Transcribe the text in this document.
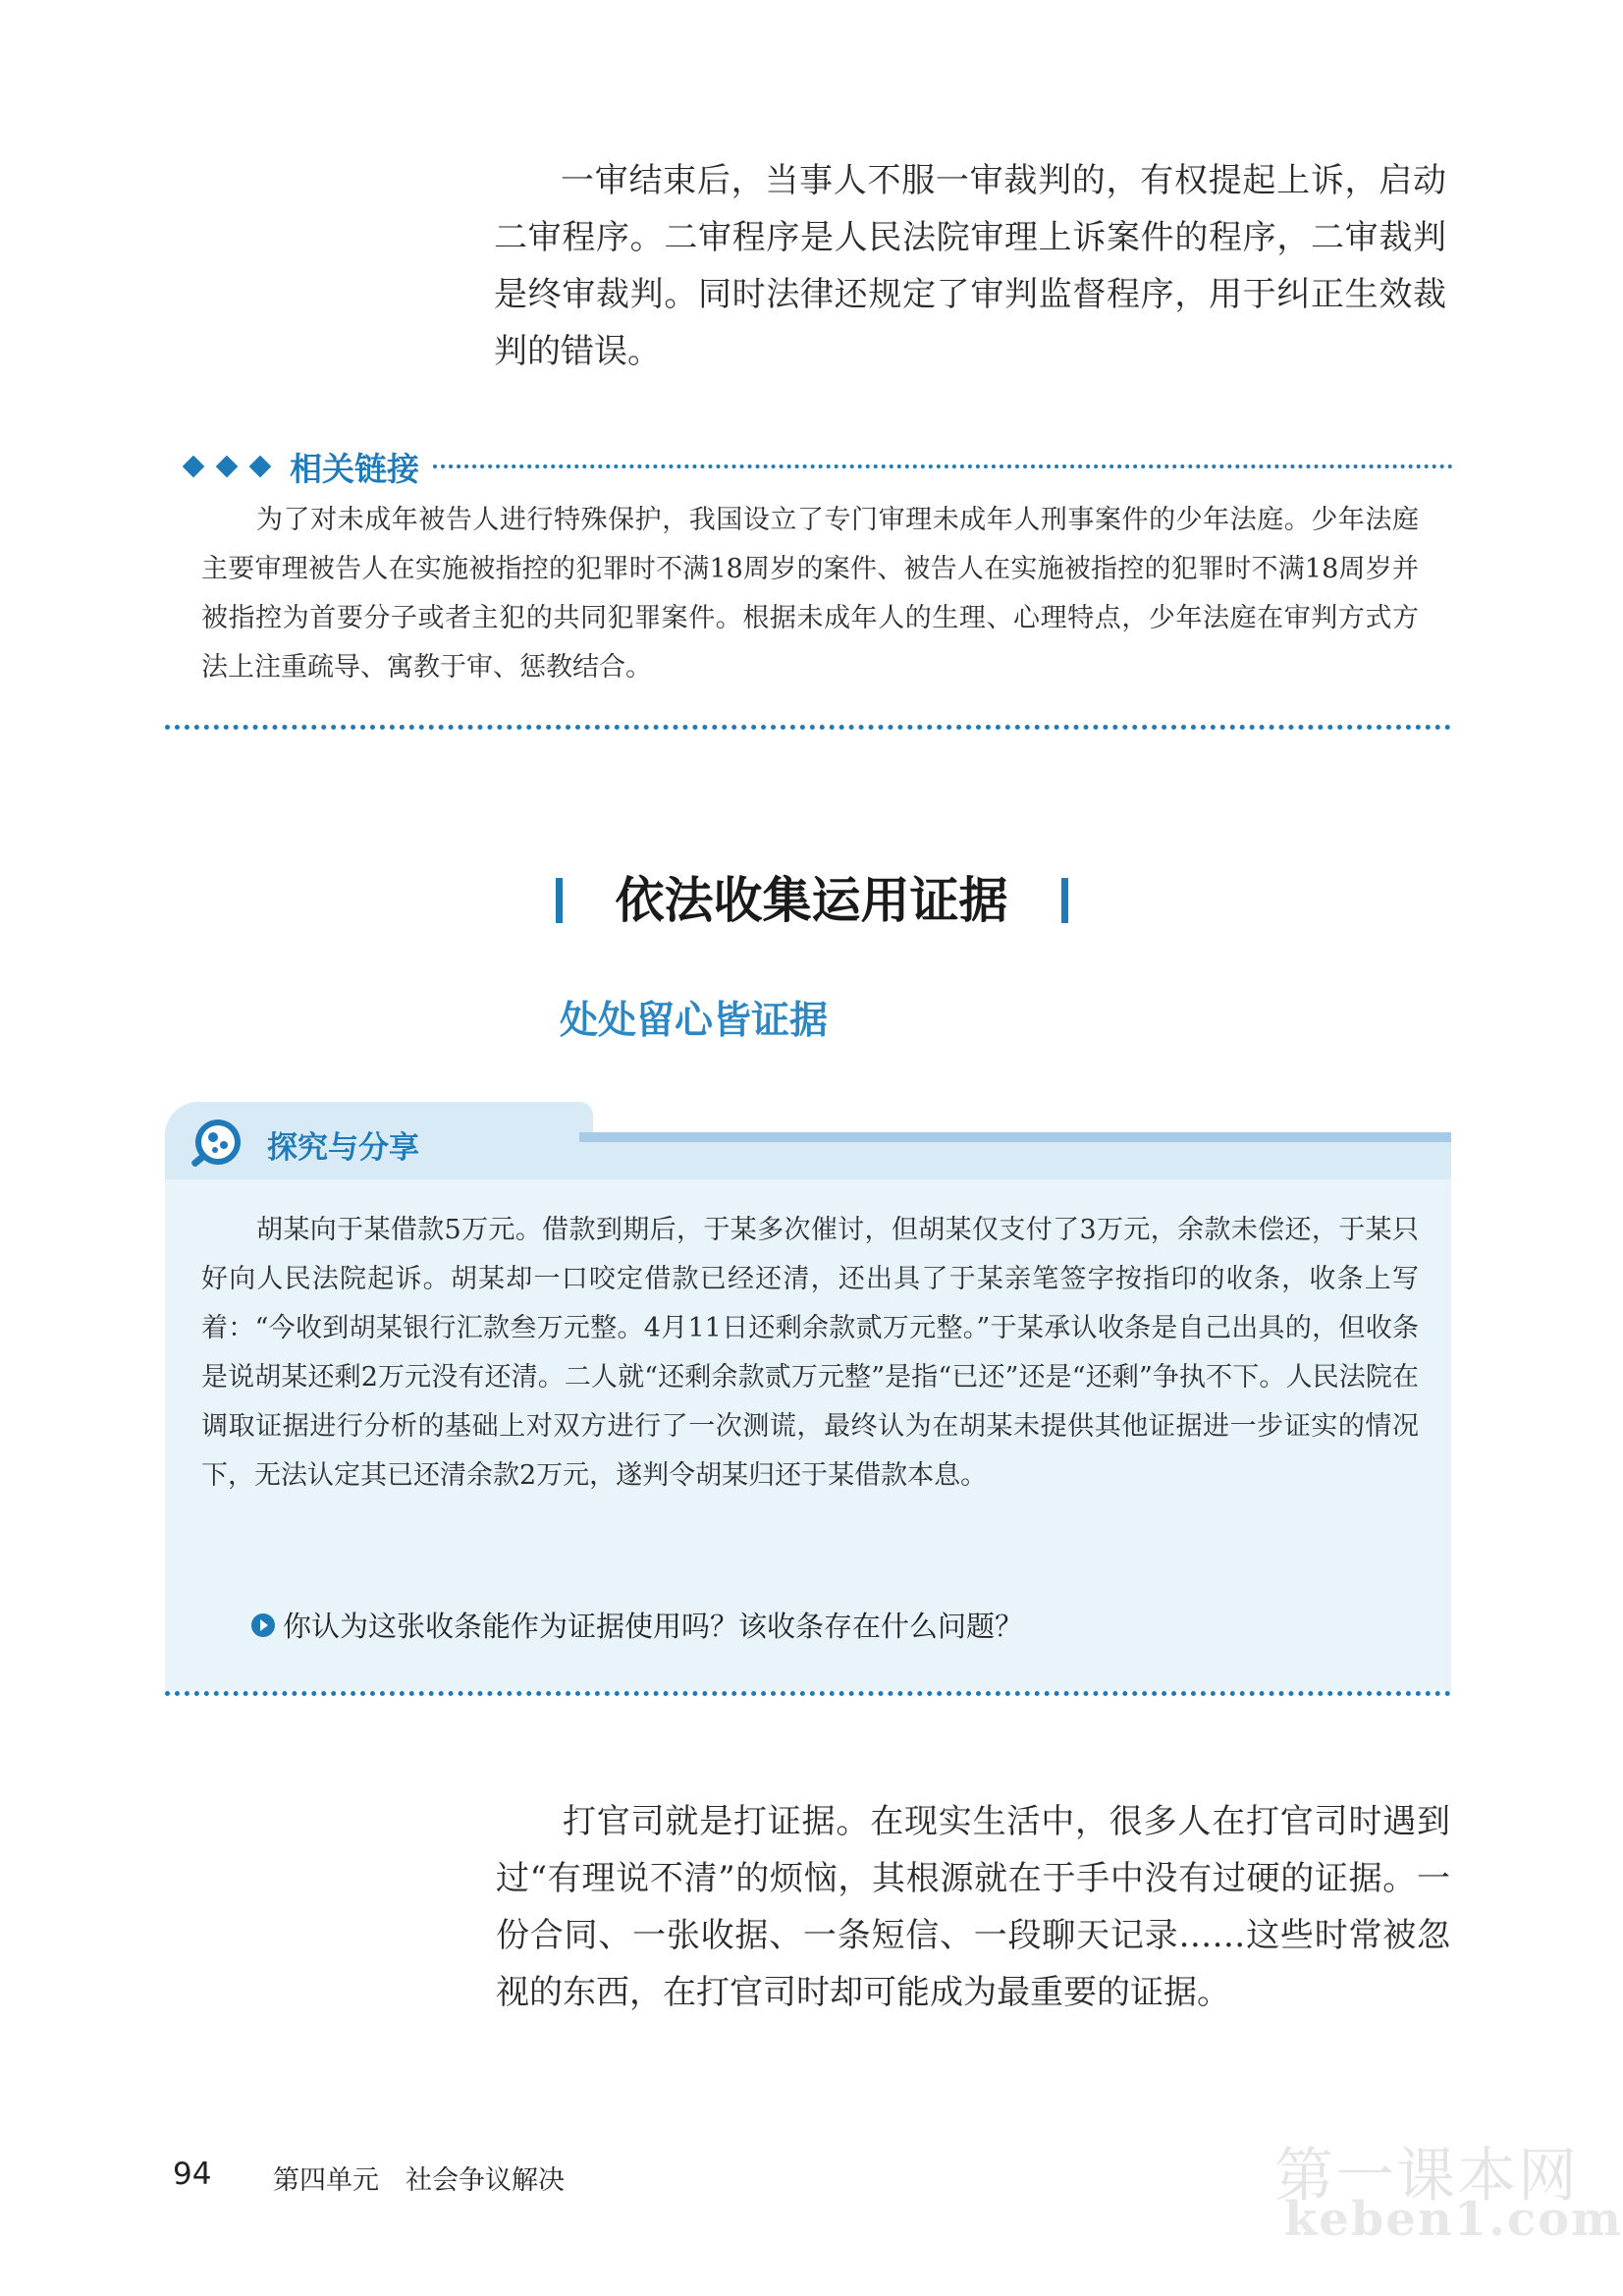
一审结束后，当事人不服一审裁判的，有权提起上诉，启动二审程序。二审程序是人民法院审理上诉案件的程序，二审裁判是终审裁判。同时法律还规定了审判监督程序，用于纠正生效裁判的错误。

相关链接

为了对未成年被告人进行特殊保护，我国设立了专门审理未成年人刑事案件的少年法庭。少年法庭主要审理被告人在实施被指控的犯罪时不满18周岁的案件、被告人在实施被指控的犯罪时不满18周岁并被指控为首要分子或者主犯的共同犯罪案件。根据未成年人的生理、心理特点，少年法庭在审判方式方法上注重疏导、寓教于审、惩教结合。

依法收集运用证据
处处留心皆证据
探究与分享

胡某向于某借款5万元。借款到期后，于某多次催讨，但胡某仅支付了3万元，余款未偿还，于某只好向人民法院起诉。胡某却一口咬定借款已经还清，还出具了于某亲笔签字按指印的收条，收条上写着：“今收到胡某银行汇款叁万元整。4月11日还剩余款贰万元整。”于某承认收条是自己出具的，但收条是说胡某还剩2万元没有还清。二人就“还剩余款贰万元整”是指“已还”还是“还剩”争执不下。人民法院在调取证据进行分析的基础上对双方进行了一次测谎，最终认为在胡某未提供其他证据进一步证实的情况下，无法认定其已还清余款2万元，遂判令胡某归还于某借款本息。

你认为这张收条能作为证据使用吗？该收条存在什么问题？

打官司就是打证据。在现实生活中，很多人在打官司时遇到过“有理说不清”的烦恼，其根源就在于手中没有过硬的证据。一份合同、一张收据、一条短信、一段聊天记录……这些时常被忽视的东西，在打官司时却可能成为最重要的证据。

94 第四单元　社会争议解决	第一课本网
keben1.com
